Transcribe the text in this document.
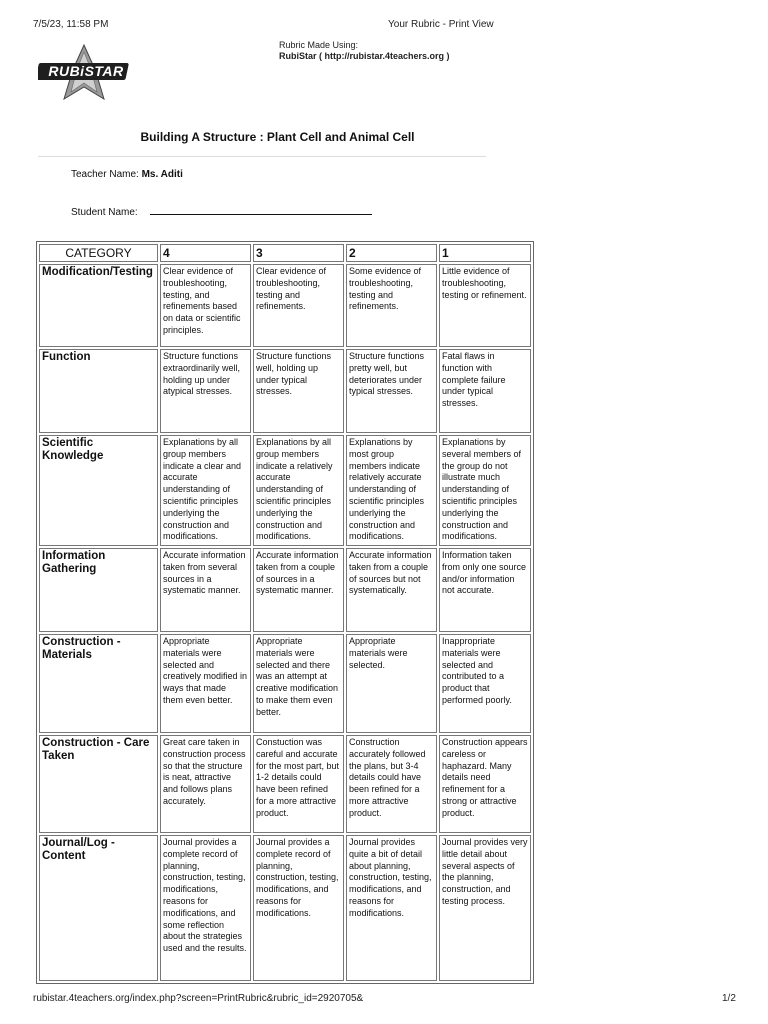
7/5/23, 11:58 PM	Your Rubric - Print View
Rubric Made Using:
RubiStar ( http://rubistar.4teachers.org )
RUBiSTAR
Building A Structure : Plant Cell and Animal Cell
Teacher Name: Ms. Aditi
Student Name:
CATEGORY	4	3	2	1
Modification/Testing	Clear evidence of troubleshooting, testing, and refinements based on data or scientific principles.	Clear evidence of troubleshooting, testing and refinements.	Some evidence of troubleshooting, testing and refinements.	Little evidence of troubleshooting, testing or refinement.
Function	Structure functions extraordinarily well, holding up under atypical stresses.	Structure functions well, holding up under typical stresses.	Structure functions pretty well, but deteriorates under typical stresses.	Fatal flaws in function with complete failure under typical stresses.
Scientific Knowledge	Explanations by all group members indicate a clear and accurate understanding of scientific principles underlying the construction and modifications.	Explanations by all group members indicate a relatively accurate understanding of scientific principles underlying the construction and modifications.	Explanations by most group members indicate relatively accurate understanding of scientific principles underlying the construction and modifications.	Explanations by several members of the group do not illustrate much understanding of scientific principles underlying the construction and modifications.
Information Gathering	Accurate information taken from several sources in a systematic manner.	Accurate information taken from a couple of sources in a systematic manner.	Accurate information taken from a couple of sources but not systematically.	Information taken from only one source and/or information not accurate.
Construction - Materials	Appropriate materials were selected and creatively modified in ways that made them even better.	Appropriate materials were selected and there was an attempt at creative modification to make them even better.	Appropriate materials were selected.	Inappropriate materials were selected and contributed to a product that performed poorly.
Construction - Care Taken	Great care taken in construction process so that the structure is neat, attractive and follows plans accurately.	Constuction was careful and accurate for the most part, but 1-2 details could have been refined for a more attractive product.	Construction accurately followed the plans, but 3-4 details could have been refined for a more attractive product.	Construction appears careless or haphazard. Many details need refinement for a strong or attractive product.
Journal/Log - Content	Journal provides a complete record of planning, construction, testing, modifications, reasons for modifications, and some reflection about the strategies used and the results.	Journal provides a complete record of planning, construction, testing, modifications, and reasons for modifications.	Journal provides quite a bit of detail about planning, construction, testing, modifications, and reasons for modifications.	Journal provides very little detail about several aspects of the planning, construction, and testing process.
rubistar.4teachers.org/index.php?screen=PrintRubric&rubric_id=2920705&	1/2
